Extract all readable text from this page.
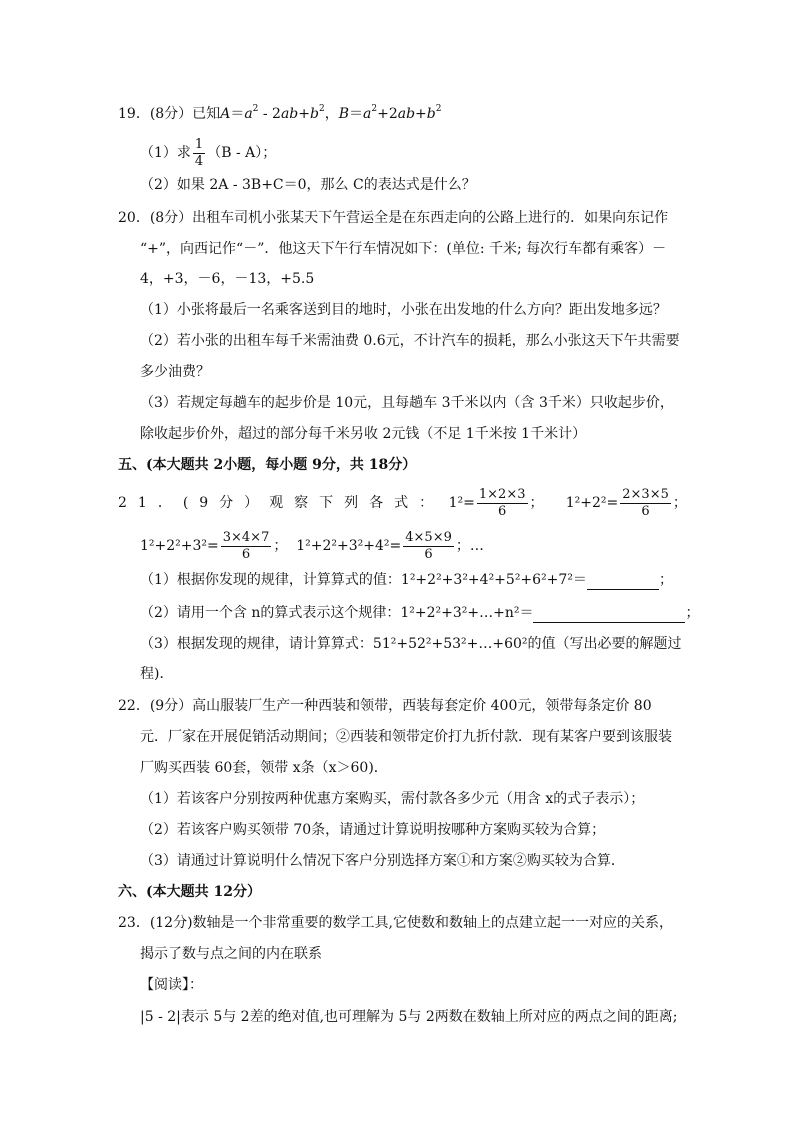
19．(8分）已知$A=a^2 - 2ab+b^2$，$B=a^2+2ab+b^2$
（1）求 $\frac{1}{4} (B - A)$；
（2）如果 2A - 3B+C＝0，那么 C的表达式是什么？
20．(8分）出租车司机小张某天下午营运全是在东西走向的公路上进行的．如果向东记作
“+”，向西记作“－”．他这天下午行车情况如下：(单位: 千米; 每次行车都有乘客）－
4，+3，－6，－13，+5.5
（1）小张将最后一名乘客送到目的地时，小张在出发地的什么方向？距出发地多远？
（2）若小张的出租车每千米需油费 0.6元，不计汽车的损耗，那么小张这天下午共需要
多少油费？
（3）若规定每趟车的起步价是 10元，且每趟车 3千米以内（含 3千米）只收起步价，
除收起步价外，超过的部分每千米另收 2元钱（不足 1千米按 1千米计）
五、(本大题共 2小题，每小题 9分，共 18分）
21．(9分）观察下列各式： $1^2= \frac{1\times 2\times 3}{6}$ ； $1^2+2^2= \frac{2\times 3\times 5}{6}$ ；
$1^2+2^2+3^2= \frac{3\times 4\times 7}{6}$ ； $1^2+2^2+3^2+4^2= \frac{4\times 5\times 9}{6}$ ；…
（1）根据你发现的规律，计算算式的值：1²+2²+3²+4²+5²+6²+7²＝	；
（2）请用一个含 n的算式表示这个规律：1²+2²+3²+…+n²＝	；
（3）根据发现的规律，请计算算式：51²+52²+53²+…+60²的值（写出必要的解题过
程)．
22．(9分）高山服装厂生产一种西装和领带，西装每套定价 400元，领带每条定价 80
元．厂家在开展促销活动期间；②西装和领带定价打九折付款．现有某客户要到该服装
厂购买西装 60套，领带 x条（x＞60)．
（1）若该客户分别按两种优惠方案购买，需付款各多少元（用含 x的式子表示）；
（2）若该客户购买领带 70条，请通过计算说明按哪种方案购买较为合算；
（3）请通过计算说明什么情况下客户分别选择方案①和方案②购买较为合算．
六、(本大题共 12分）
23．(12分)数轴是一个非常重要的数学工具,它使数和数轴上的点建立起一一对应的关系，
揭示了数与点之间的内在联系
【阅读】：
|5 - 2|表示 5与 2差的绝对值,也可理解为 5与 2两数在数轴上所对应的两点之间的距离;
